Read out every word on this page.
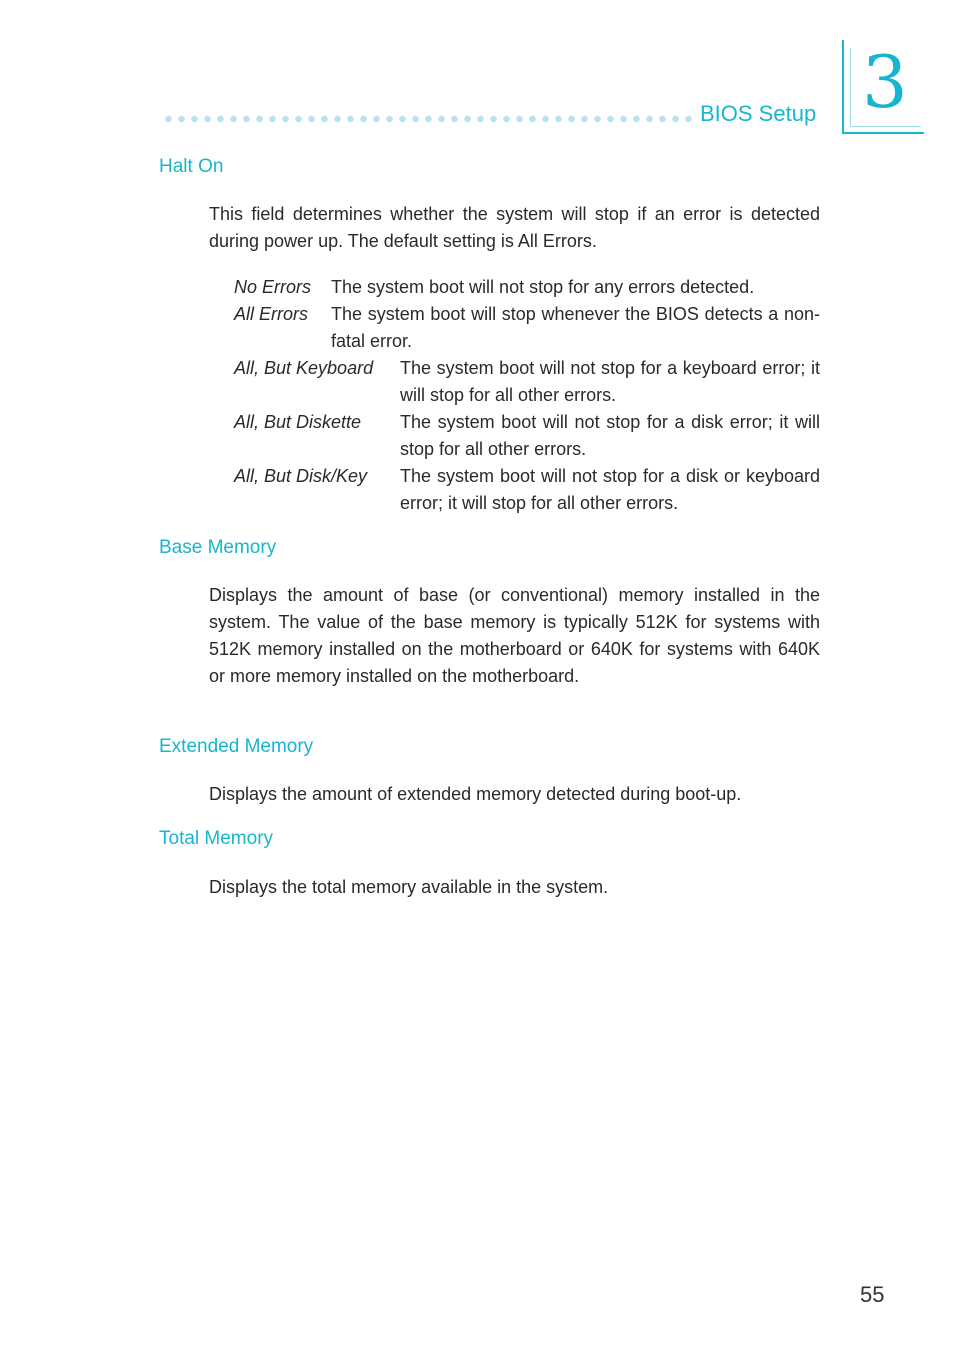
BIOS Setup 3
Halt On
This field determines whether the system will stop if an error is detected during power up. The default setting is All Errors.
No Errors The system boot will not stop for any errors detected.
All Errors The system boot will stop whenever the BIOS detects a non-fatal error.
All, But Keyboard The system boot will not stop for a keyboard error; it will stop for all other errors.
All, But Diskette The system boot will not stop for a disk error; it will stop for all other errors.
All, But Disk/Key The system boot will not stop for a disk or keyboard error; it will stop for all other errors.
Base Memory
Displays the amount of base (or conventional) memory installed in the system. The value of the base memory is typically 512K for systems with 512K memory installed on the motherboard or 640K for systems with 640K or more memory installed on the motherboard.
Extended Memory
Displays the amount of extended memory detected during boot-up.
Total Memory
Displays the total memory available in the system.
55
